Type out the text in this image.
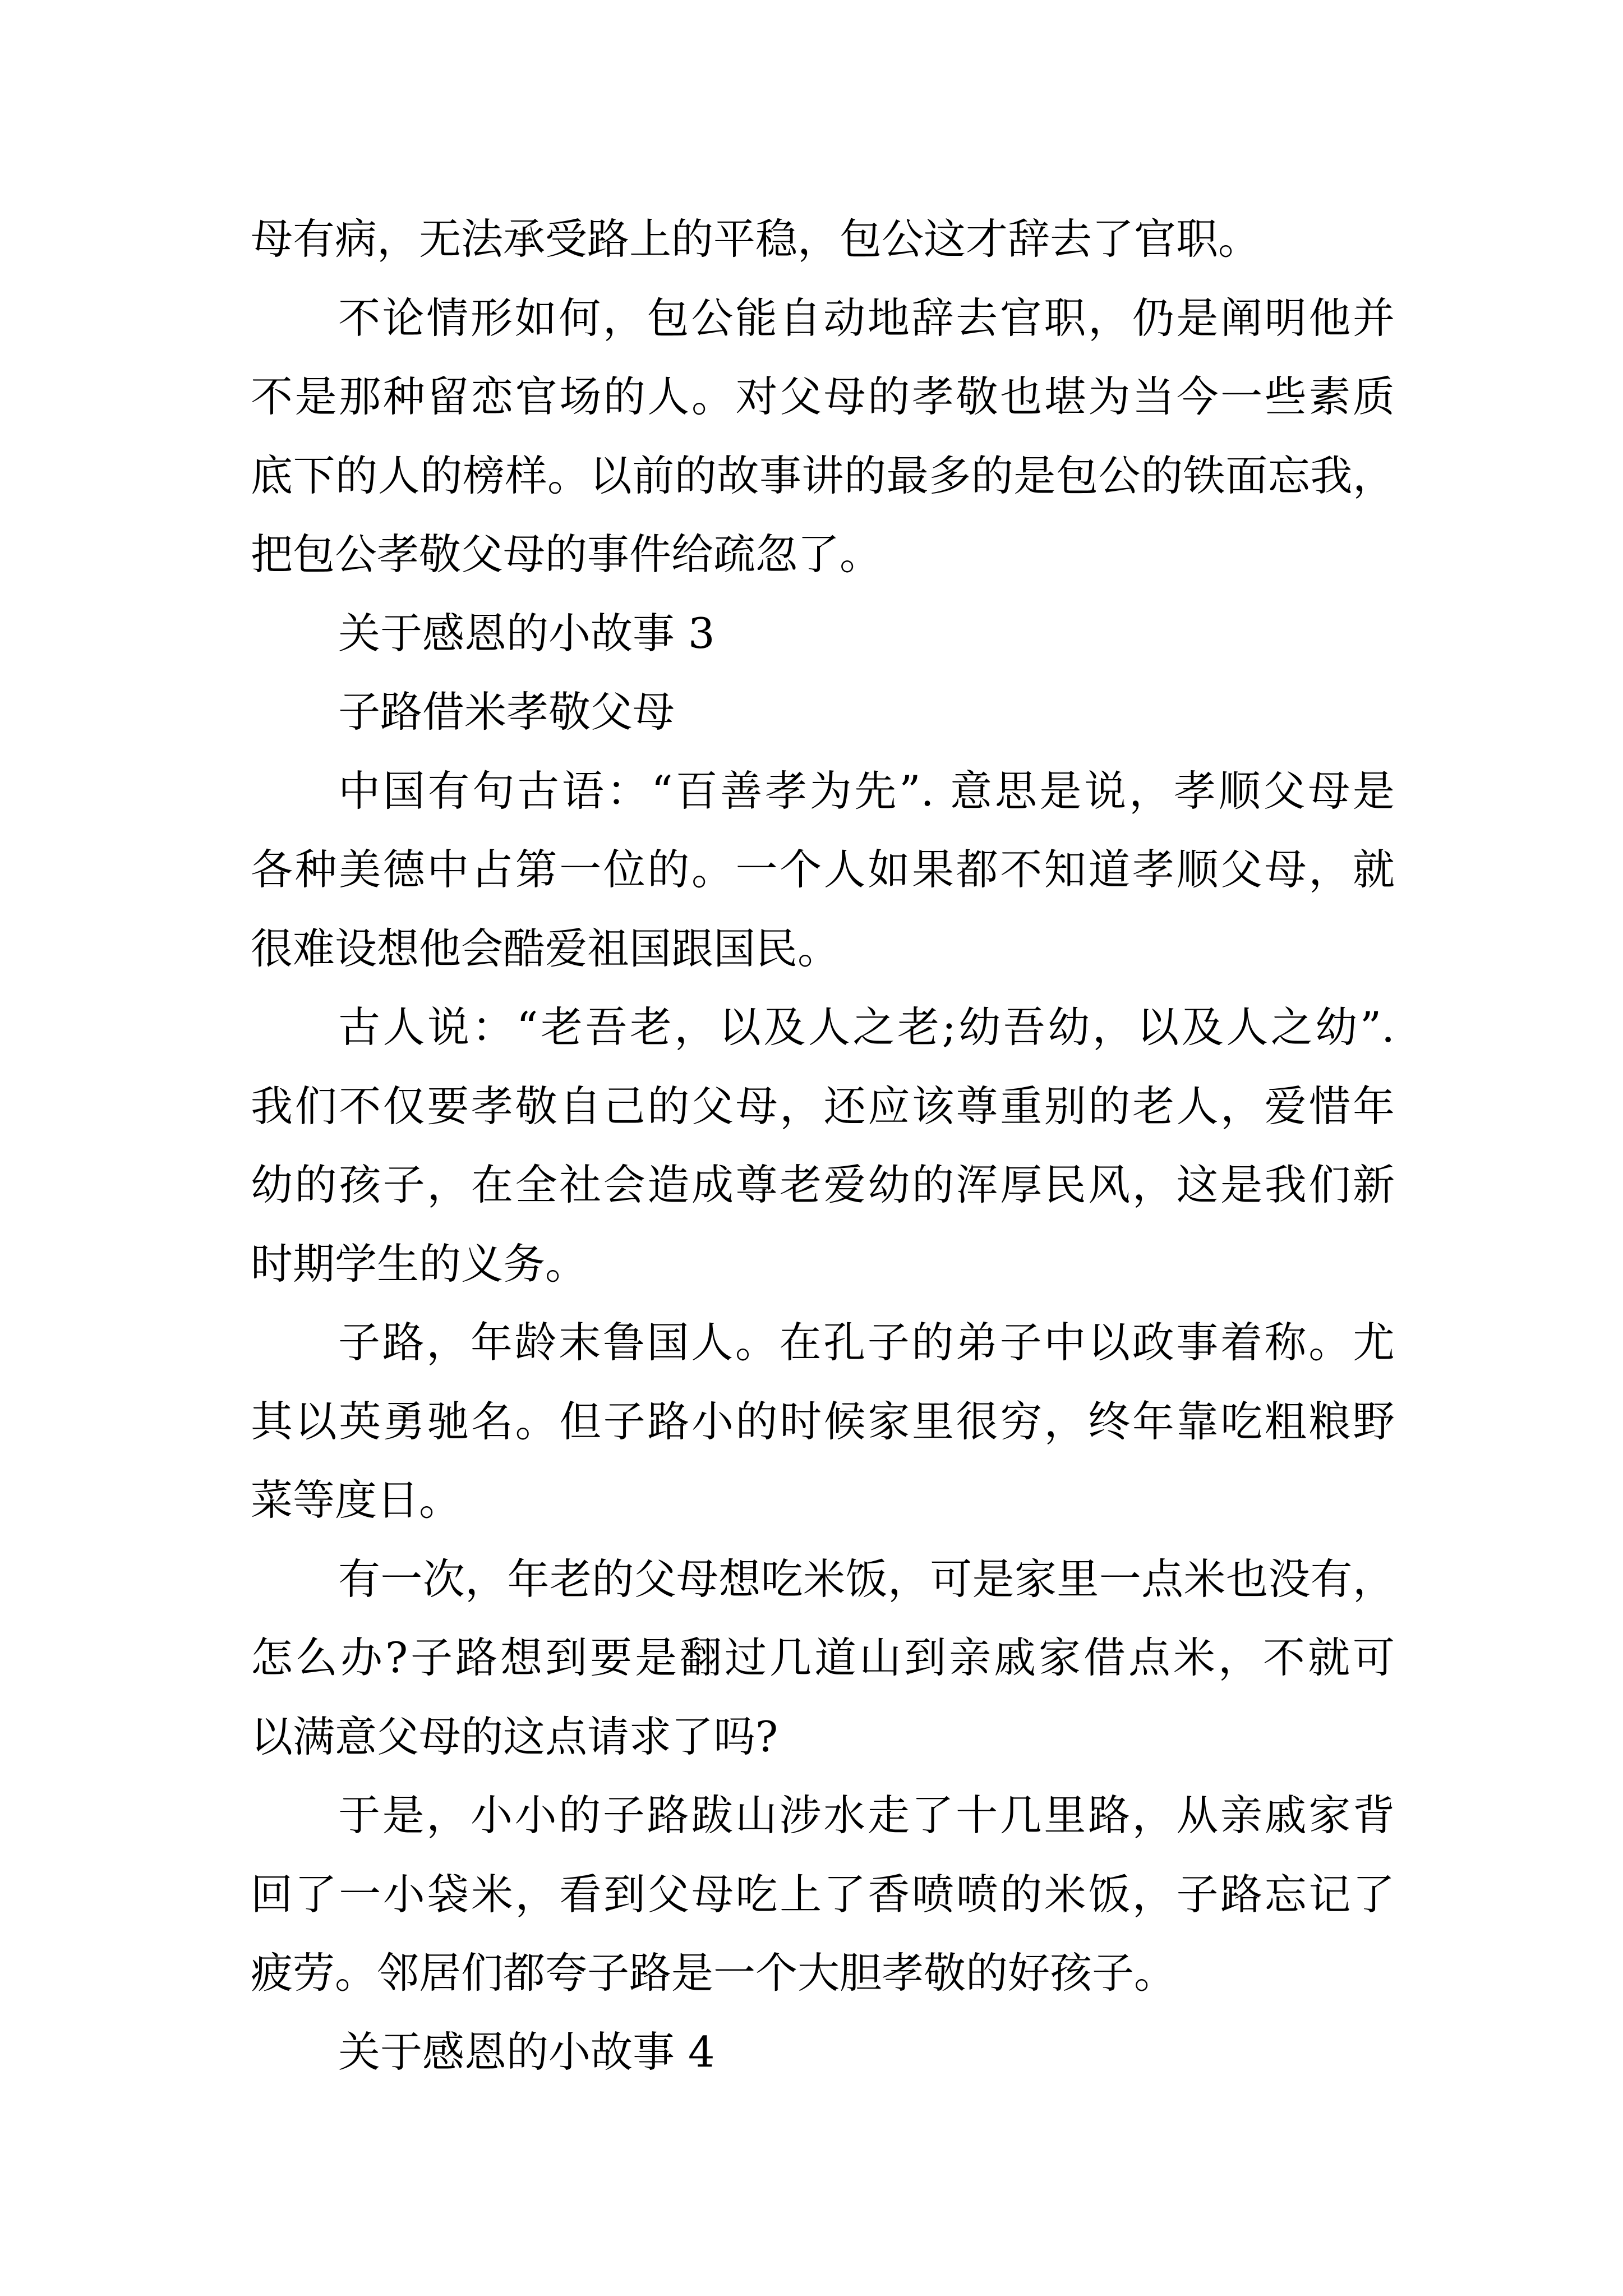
母有病，无法承受路上的平稳，包公这才辞去了官职。
不论情形如何，包公能自动地辞去官职，仍是阐明他并
不是那种留恋官场的人。对父母的孝敬也堪为当今一些素质
底下的人的榜样。以前的故事讲的最多的是包公的铁面忘我，
把包公孝敬父母的事件给疏忽了。
关于感恩的小故事 3
子路借米孝敬父母
中国有句古语：“百善孝为先”. 意思是说，孝顺父母是
各种美德中占第一位的。一个人如果都不知道孝顺父母，就
很难设想他会酷爱祖国跟国民。
古人说：“老吾老，以及人之老;幼吾幼，以及人之幼”.
我们不仅要孝敬自己的父母，还应该尊重别的老人，爱惜年
幼的孩子，在全社会造成尊老爱幼的浑厚民风，这是我们新
时期学生的义务。
子路，年龄末鲁国人。在孔子的弟子中以政事着称。尤
其以英勇驰名。但子路小的时候家里很穷，终年靠吃粗粮野
菜等度日。
有一次，年老的父母想吃米饭，可是家里一点米也没有，
怎么办?子路想到要是翻过几道山到亲戚家借点米，不就可
以满意父母的这点请求了吗?
于是，小小的子路跋山涉水走了十几里路，从亲戚家背
回了一小袋米，看到父母吃上了香喷喷的米饭，子路忘记了
疲劳。邻居们都夸子路是一个大胆孝敬的好孩子。
关于感恩的小故事 4
